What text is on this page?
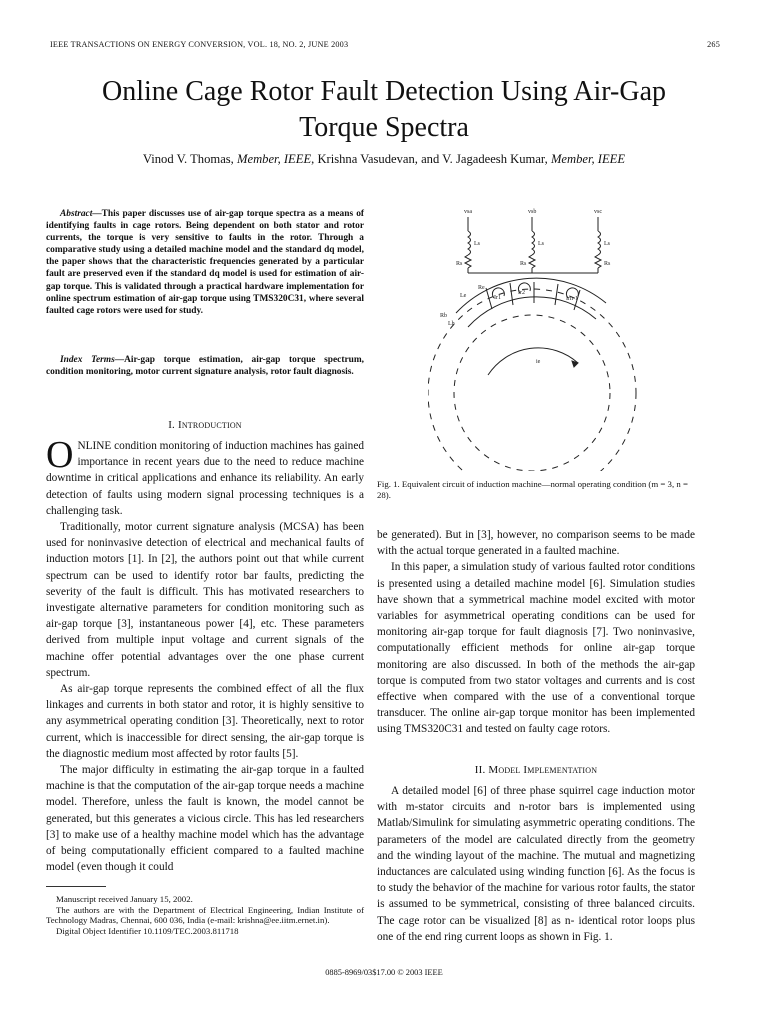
IEEE TRANSACTIONS ON ENERGY CONVERSION, VOL. 18, NO. 2, JUNE 2003	265
Online Cage Rotor Fault Detection Using Air-Gap
Torque Spectra
Vinod V. Thomas, Member, IEEE, Krishna Vasudevan, and V. Jagadeesh Kumar, Member, IEEE
Abstract—This paper discusses use of air-gap torque spectra as a means of identifying faults in cage rotors. Being dependent on both stator and rotor currents, the torque is very sensitive to faults in the rotor. Through a comparative study using a detailed machine model and the standard dq model, the paper shows that the characteristic frequencies generated by a particular fault are preserved even if the standard dq model is used for estimation of air-gap torque. This is validated through a practical hardware implementation for online spectrum estimation of air-gap torque using TMS320C31, where several faulted cage rotors were used for study.
Index Terms—Air-gap torque estimation, air-gap torque spectrum, condition monitoring, motor current signature analysis, rotor fault diagnosis.
I. Introduction

ONLINE condition monitoring of induction machines has gained importance in recent years due to the need to reduce machine downtime in critical applications and enhance its reliability. An early detection of faults using modern signal processing techniques is a challenging task.

Traditionally, motor current signature analysis (MCSA) has been used for noninvasive detection of electrical and mechanical faults of induction motors [1]. In [2], the authors point out that while current spectrum can be used to identify rotor bar faults, predicting the severity of the fault is difficult. This has motivated researchers to investigate alternative parameters for condition monitoring such as air-gap torque [3], instantaneous power [4], etc. These parameters derived from multiple input voltage and current signals of the machine offer potential advantages over the one phase current spectrum.

As air-gap torque represents the combined effect of all the flux linkages and currents in both stator and rotor, it is highly sensitive to any asymmetrical operating condition [3]. Theoretically, next to rotor current, which is inaccessible for direct sensing, the air-gap torque is the diagnostic medium most affected by rotor faults [5].

The major difficulty in estimating the air-gap torque in a faulted machine is that the computation of the air-gap torque needs a machine model. Therefore, unless the fault is known, the model cannot be generated, but this generates a vicious circle. This has led researchers [3] to make use of a healthy machine model which has the advantage of being computationally efficient compared to a faulted machine model (even though it could

Manuscript received January 15, 2002.

The authors are with the Department of Electrical Engineering, Indian Institute of Technology Madras, Chennai, 600 036, India (e-mail: krishna@ee.iitm.ernet.in).

Digital Object Identifier 10.1109/TEC.2003.811718

vsa	vsb	vsc
Ls	Ls	Ls
Rs	Rs	Rs
Ir1
Ir2
Irn-1
ie
Le
Re
Rb
Lb
Fig. 1. Equivalent circuit of induction machine—normal operating condition (m = 3, n = 28).

be generated). But in [3], however, no comparison seems to be made with the actual torque generated in a faulted machine.

In this paper, a simulation study of various faulted rotor conditions is presented using a detailed machine model [6]. Simulation studies have shown that a symmetrical machine model excited with motor variables for asymmetrical operating conditions can be used for monitoring air-gap torque for fault diagnosis [7]. Two noninvasive, computationally efficient methods for online air-gap torque monitoring are also discussed. In both of the methods the air-gap torque is computed from two stator voltages and currents and is cost effective when compared with the use of a conventional torque transducer. The online air-gap torque monitor has been implemented using TMS320C31 and tested on faulty cage rotors.

II. Model Implementation

A detailed model [6] of three phase squirrel cage induction motor with m-stator circuits and n-rotor bars is implemented using Matlab/Simulink for simulating asymmetric operating conditions. The parameters of the model are calculated directly from the geometry and the winding layout of the machine. The mutual and magnetizing inductances are calculated using winding function [6]. As the focus is to study the behavior of the machine for various rotor faults, the stator is assumed to be symmetrical, consisting of three balanced circuits. The cage rotor can be visualized [8] as n- identical rotor loops plus one of the end ring current loops as shown in Fig. 1.

0885-8969/03$17.00 © 2003 IEEE
